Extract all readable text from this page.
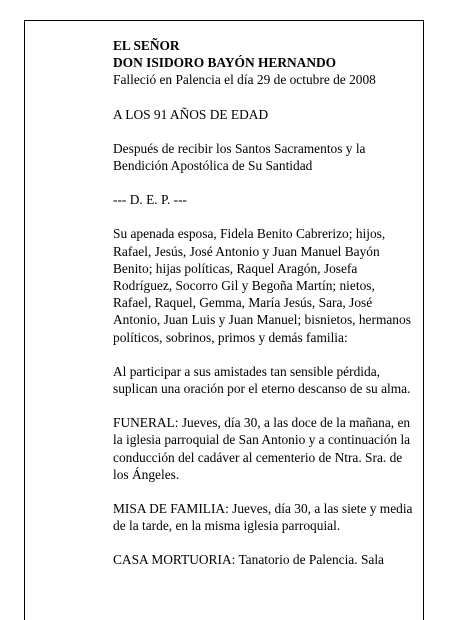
EL SEÑOR

DON ISIDORO BAYÓN HERNANDO

Falleció en Palencia el día 29 de octubre de 2008

A LOS 91 AÑOS DE EDAD

Después de recibir los Santos Sacramentos y la

Bendición Apostólica de Su Santidad

--- D. E. P. ---

Su apenada esposa, Fidela Benito Cabrerizo; hijos,

Rafael, Jesús, José Antonio y Juan Manuel Bayón

Benito; hijas políticas, Raquel Aragón, Josefa

Rodríguez, Socorro Gil y Begoña Martín; nietos,

Rafael, Raquel, Gemma, María Jesús, Sara, José

Antonio, Juan Luis y Juan Manuel; bisnietos, hermanos

políticos, sobrinos, primos y demás familia:

Al participar a sus amistades tan sensible pérdida,

suplican una oración por el eterno descanso de su alma.

FUNERAL: Jueves, día 30, a las doce de la mañana, en

la iglesia parroquial de San Antonio y a continuación la

conducción del cadáver al cementerio de Ntra. Sra. de

los Ángeles.

MISA DE FAMILIA: Jueves, día 30, a las siete y media

de la tarde, en la misma iglesia parroquial.

CASA MORTUORIA: Tanatorio de Palencia. Sala
